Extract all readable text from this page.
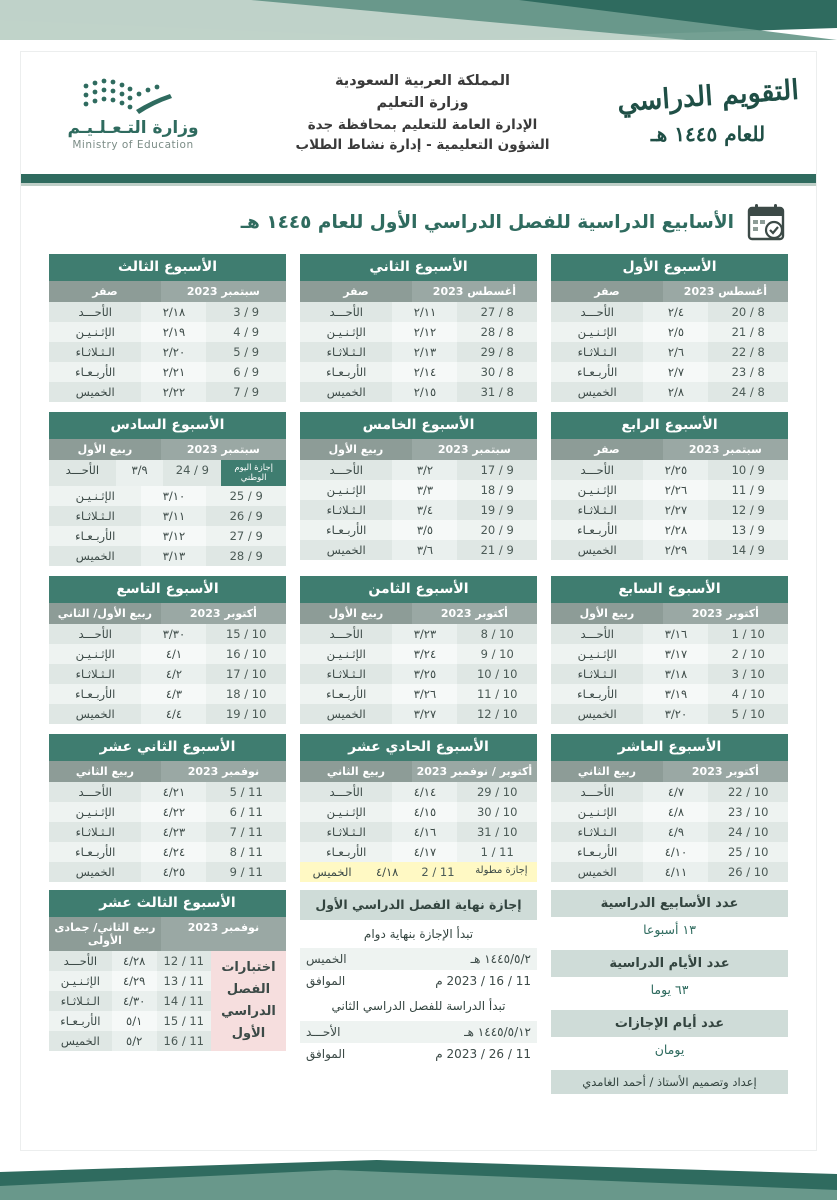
التقويم الدراسي
للعام ١٤٤٥ هـ
المملكة العربية السعودية
وزارة التعليم
الإدارة العامة للتعليم بمحافظة جدة
الشؤون التعليمية - إدارة نشاط الطلاب
وزارة التـعـلـيـم
Ministry of Education
الأسابيع الدراسية للفصل الدراسي الأول للعام ١٤٤٥ هـ
الأسبوع الأول
أغسطس 2023
صفر
8 / 20
٢/٤
الأحـــد
8 / 21
٢/٥
الإثـنـيـن
8 / 22
٢/٦
الـثـلاثـاء
8 / 23
٢/٧
الأربـعـاء
8 / 24
٢/٨
الخميس
الأسبوع الثاني
أغسطس 2023
صفر
8 / 27
٢/١١
الأحـــد
8 / 28
٢/١٢
الإثـنـيـن
8 / 29
٢/١٣
الـثـلاثـاء
8 / 30
٢/١٤
الأربـعـاء
8 / 31
٢/١٥
الخميس
الأسبوع الثالث
سبتمبر 2023
صفر
9 / 3
٢/١٨
الأحـــد
9 / 4
٢/١٩
الإثـنـيـن
9 / 5
٢/٢٠
الـثـلاثـاء
9 / 6
٢/٢١
الأربـعـاء
9 / 7
٢/٢٢
الخميس
الأسبوع الرابع
سبتمبر 2023
صفر
9 / 10
٢/٢٥
الأحـــد
9 / 11
٢/٢٦
الإثـنـيـن
9 / 12
٢/٢٧
الـثـلاثـاء
9 / 13
٢/٢٨
الأربـعـاء
9 / 14
٢/٢٩
الخميس
الأسبوع الخامس
سبتمبر 2023
ربيع الأول
9 / 17
٣/٢
الأحـــد
9 / 18
٣/٣
الإثـنـيـن
9 / 19
٣/٤
الـثـلاثـاء
9 / 20
٣/٥
الأربـعـاء
9 / 21
٣/٦
الخميس
الأسبوع السادس
سبتمبر 2023
ربيع الأول
إجازة اليوم الوطني
9 / 24
٣/٩
الأحـــد
9 / 25
٣/١٠
الإثـنـيـن
9 / 26
٣/١١
الـثـلاثـاء
9 / 27
٣/١٢
الأربـعـاء
9 / 28
٣/١٣
الخميس
الأسبوع السابع
أكتوبر 2023
ربيع الأول
10 / 1
٣/١٦
الأحـــد
10 / 2
٣/١٧
الإثـنـيـن
10 / 3
٣/١٨
الـثـلاثـاء
10 / 4
٣/١٩
الأربـعـاء
10 / 5
٣/٢٠
الخميس
الأسبوع الثامن
أكتوبر 2023
ربيع الأول
10 / 8
٣/٢٣
الأحـــد
10 / 9
٣/٢٤
الإثـنـيـن
10 / 10
٣/٢٥
الـثـلاثـاء
10 / 11
٣/٢٦
الأربـعـاء
10 / 12
٣/٢٧
الخميس
الأسبوع التاسع
أكتوبر 2023
ربيع الأول/ الثاني
10 / 15
٣/٣٠
الأحـــد
10 / 16
٤/١
الإثـنـيـن
10 / 17
٤/٢
الـثـلاثـاء
10 / 18
٤/٣
الأربـعـاء
10 / 19
٤/٤
الخميس
الأسبوع العاشر
أكتوبر 2023
ربيع الثاني
10 / 22
٤/٧
الأحـــد
10 / 23
٤/٨
الإثـنـيـن
10 / 24
٤/٩
الـثـلاثـاء
10 / 25
٤/١٠
الأربـعـاء
10 / 26
٤/١١
الخميس
الأسبوع الحادي عشر
أكتوبر / نوفمبر 2023
ربيع الثاني
10 / 29
٤/١٤
الأحـــد
10 / 30
٤/١٥
الإثـنـيـن
10 / 31
٤/١٦
الـثـلاثـاء
11 / 1
٤/١٧
الأربـعـاء
إجازة مطولة
11 / 2
٤/١٨
الخميس
الأسبوع الثاني عشر
نوفمبر 2023
ربيع الثاني
11 / 5
٤/٢١
الأحـــد
11 / 6
٤/٢٢
الإثـنـيـن
11 / 7
٤/٢٣
الـثـلاثـاء
11 / 8
٤/٢٤
الأربـعـاء
11 / 9
٤/٢٥
الخميس
الأسبوع الثالث عشر
نوفمبر 2023
ربيع الثاني/ جمادى الأولى
اختبارات الفصل الدراسي الأول
11 / 12
٤/٢٨
الأحـــد
11 / 13
٤/٢٩
الإثـنـيـن
11 / 14
٤/٣٠
الـثـلاثـاء
11 / 15
٥/١
الأربـعـاء
11 / 16
٥/٢
الخميس
إجازة نهاية الفصل الدراسي الأول
تبدأ الإجازة بنهاية دوام
١٤٤٥/٥/٢ هـ
الخميس
11 / 16 / 2023 م
الموافق
تبدأ الدراسة للفصل الدراسي الثاني
١٤٤٥/٥/١٢ هـ
الأحـــد
11 / 26 / 2023 م
الموافق
عدد الأسابيع الدراسية
١٣ أسبوعا
عدد الأيام الدراسية
٦٣ يوما
عدد أيام الإجازات
يومان
إعداد وتصميم الأستاذ / أحمد الغامدي
